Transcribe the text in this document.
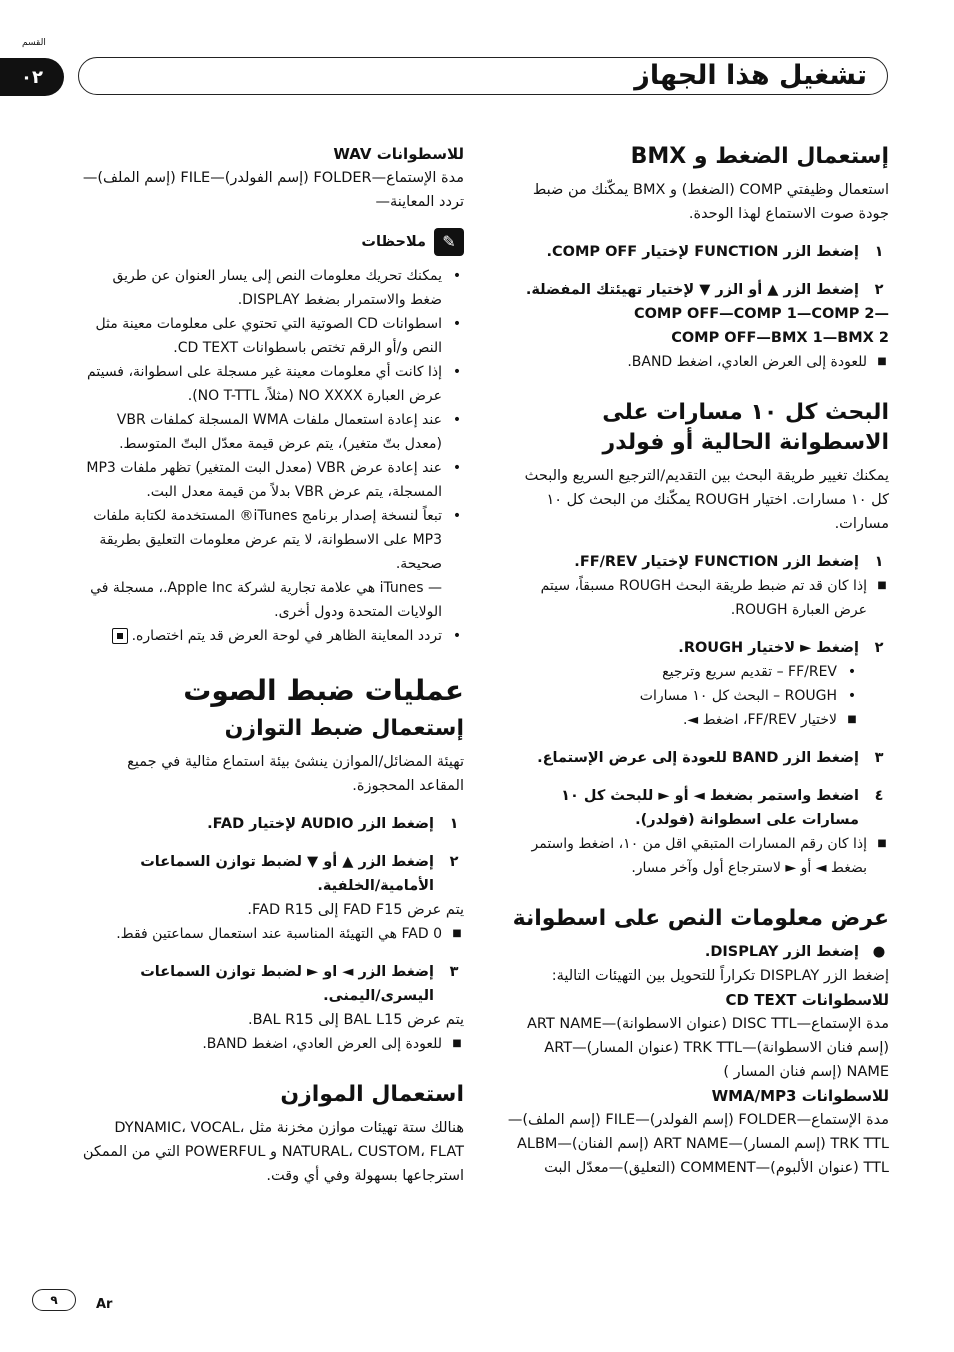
القسم
٠٢	تشغيل هذا الجهاز
إستعمال الضغط و BMX

استعمال وظيفتي COMP (الضغط) و BMX يمكّنك من ضبط جودة صوت الاستماع لهذا الوحدة.

١
إضغط الزر FUNCTION لإختيار COMP OFF.
٢
إضغط الزر ▲ أو الزر ▼ لإختيار تهيئتك المفضلة.

COMP OFF—COMP 1—COMP 2—

COMP OFF—BMX 1—BMX 2

■
للعودة إلى العرض العادي، اضغط BAND.
البحث كل ١٠ مسارات على
الاسطوانة الحالية أو فولدر

يمكنك تغيير طريقة البحث بين التقديم/الترجيع السريع والبحث كل ١٠ مسارات. اختيار ROUGH يمكّنك من البحث كل ١٠ مسارات.

١
إضغط الزر FUNCTION لإختيار FF/REV.
■
إذا كان قد تم ضبط طريقة البحث ROUGH مسبقاً، سيتم عرض العبارة ROUGH.
٢
إضغط ► لاختيار ROUGH.
•
FF/REV – تقديم سريع وترجيع
•
ROUGH – البحث كل ١٠ مسارات
■
لاختيار FF/REV، اضغط ◄.
٣
إضغط الزر BAND للعودة إلى عرض الإستماع.
٤
اضغط واستمر بضغط ◄ أو ► للبحث كل ١٠ مسارات على اسطوانة (فولدر).
■
إذا كان رقم المسارات المتبقي اقل من ١٠، اضغط واستمر بضغط ◄ أو ► لاسترجاع أول وآخر مسار.
عرض معلومات النص على اسطوانة
●
إضغط الزر DISPLAY.

إضغط الزر DISPLAY تكراراً للتحويل بين التهيئات التالية:

للاسطوانات CD TEXT

مدة الإستماع—DISC TTL (عنوان الاسطوانة)—ART NAME (إسم فنان الاسطوانة)—TRK TTL (عنوان المسار)—ART NAME (إسم فنان المسار )

للاسطوانات WMA/MP3

مدة الإستماع—FOLDER (إسم الفولدر)—FILE (إسم الملف)—TRK TTL (إسم المسار)—ART NAME (إسم الفنان)—ALBM TTL (عنوان الألبوم)—COMMENT (التعليق)—معدّل البت

للاسطوانات WAV

مدة الإستماع—FOLDER (إسم الفولدر)—FILE (إسم الملف)—تردد المعاينة—

✎
ملاحظات
•
يمكنك تحريك معلومات النص إلى يسار العنوان عن طريق ضغط والاستمرار بضغط DISPLAY.
•
اسطوانات CD الصوتية التي تحتوي على معلومات معينة مثل النص و/أو الرقم تختص باسطوانات CD TEXT.
•
إذا كانت أي معلومات معينة غير مسجلة على اسطوانة، فسيتم عرض العبارة NO XXXX (مثلاً، NO T-TTL).
•
عند إعادة استعمال ملفات WMA المسجلة كملفات VBR (معدل بتّ متغير)، يتم عرض قيمة معدّل البتّ المتوسط.
•
عند إعادة عرض VBR (معدل البت المتغير) تظهر ملفات MP3 المسجلة، يتم عرض VBR بدلاً من قيمة معدل البت.
•
تبعاً لنسخة إصدار برنامج iTunes® المستخدمة لكتابة ملفات MP3 على الاسطوانة، لا يتم عرض معلومات التعليق بطريقة صحيحة.
— iTunes هي علامة تجارية لشركة Apple Inc.، مسجلة في الولايات المتحدة ودول أخرى.
•
تردد المعاينة الظاهر في لوحة العرض قد يتم اختصاره.
عمليات ضبط الصوت
إستعمال ضبط التوازن

تهيئة المضائل/الموازن ينشئ بيئة استماع مثالية في جميع المقاعد المحجوزة.

١
إضغط الزر AUDIO لإختيار FAD.
٢
إضغط الزر ▲ أو ▼ لضبط توازن السماعات الأمامية/الخلفية.

يتم عرض FAD F15 إلى FAD R15.

■
FAD 0 هي التهيئة المناسبة عند استعمال سماعتين فقط.
٣
إضغط الزر ◄ او ► لضبط توازن السماعات اليسرى/اليمنى.

يتم عرض BAL L15 إلى BAL R15.

■
للعودة إلى العرض العادي، اضغط BAND.
استعمال الموازن

هنالك ستة تهيئات موازن مخزنة مثل DYNAMIC، VOCAL، NATURAL، CUSTOM، FLAT و POWERFUL التي من الممكن استرجاعها بسهولة وفي أي وقت.

٩	Ar
